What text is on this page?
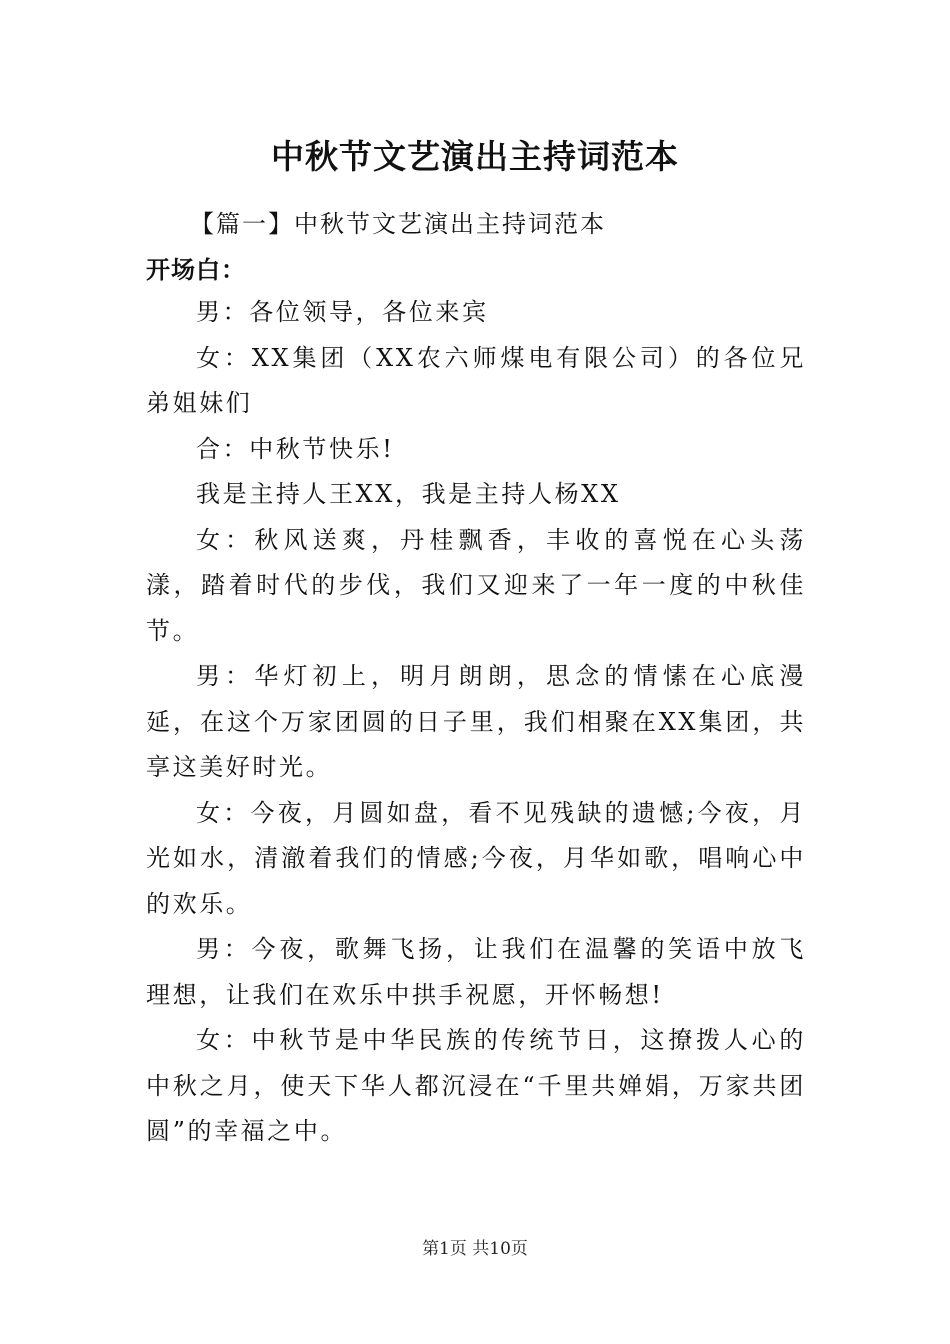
中秋节文艺演出主持词范本
【篇一】中秋节文艺演出主持词范本
开场白：

男：各位领导，各位来宾

女：XX集团（XX农六师煤电有限公司）的各位兄弟姐妹们

合：中秋节快乐!

我是主持人王XX，我是主持人杨XX

女：秋风送爽，丹桂飘香，丰收的喜悦在心头荡漾，踏着时代的步伐，我们又迎来了一年一度的中秋佳节。

男：华灯初上，明月朗朗，思念的情愫在心底漫延，在这个万家团圆的日子里，我们相聚在XX集团，共享这美好时光。

女：今夜，月圆如盘，看不见残缺的遗憾;今夜，月光如水，清澈着我们的情感;今夜，月华如歌，唱响心中的欢乐。

男：今夜，歌舞飞扬，让我们在温馨的笑语中放飞理想，让我们在欢乐中拱手祝愿，开怀畅想!

女：中秋节是中华民族的传统节日，这撩拨人心的中秋之月，使天下华人都沉浸在“千里共婵娟，万家共团圆”的幸福之中。

第1页 共10页
